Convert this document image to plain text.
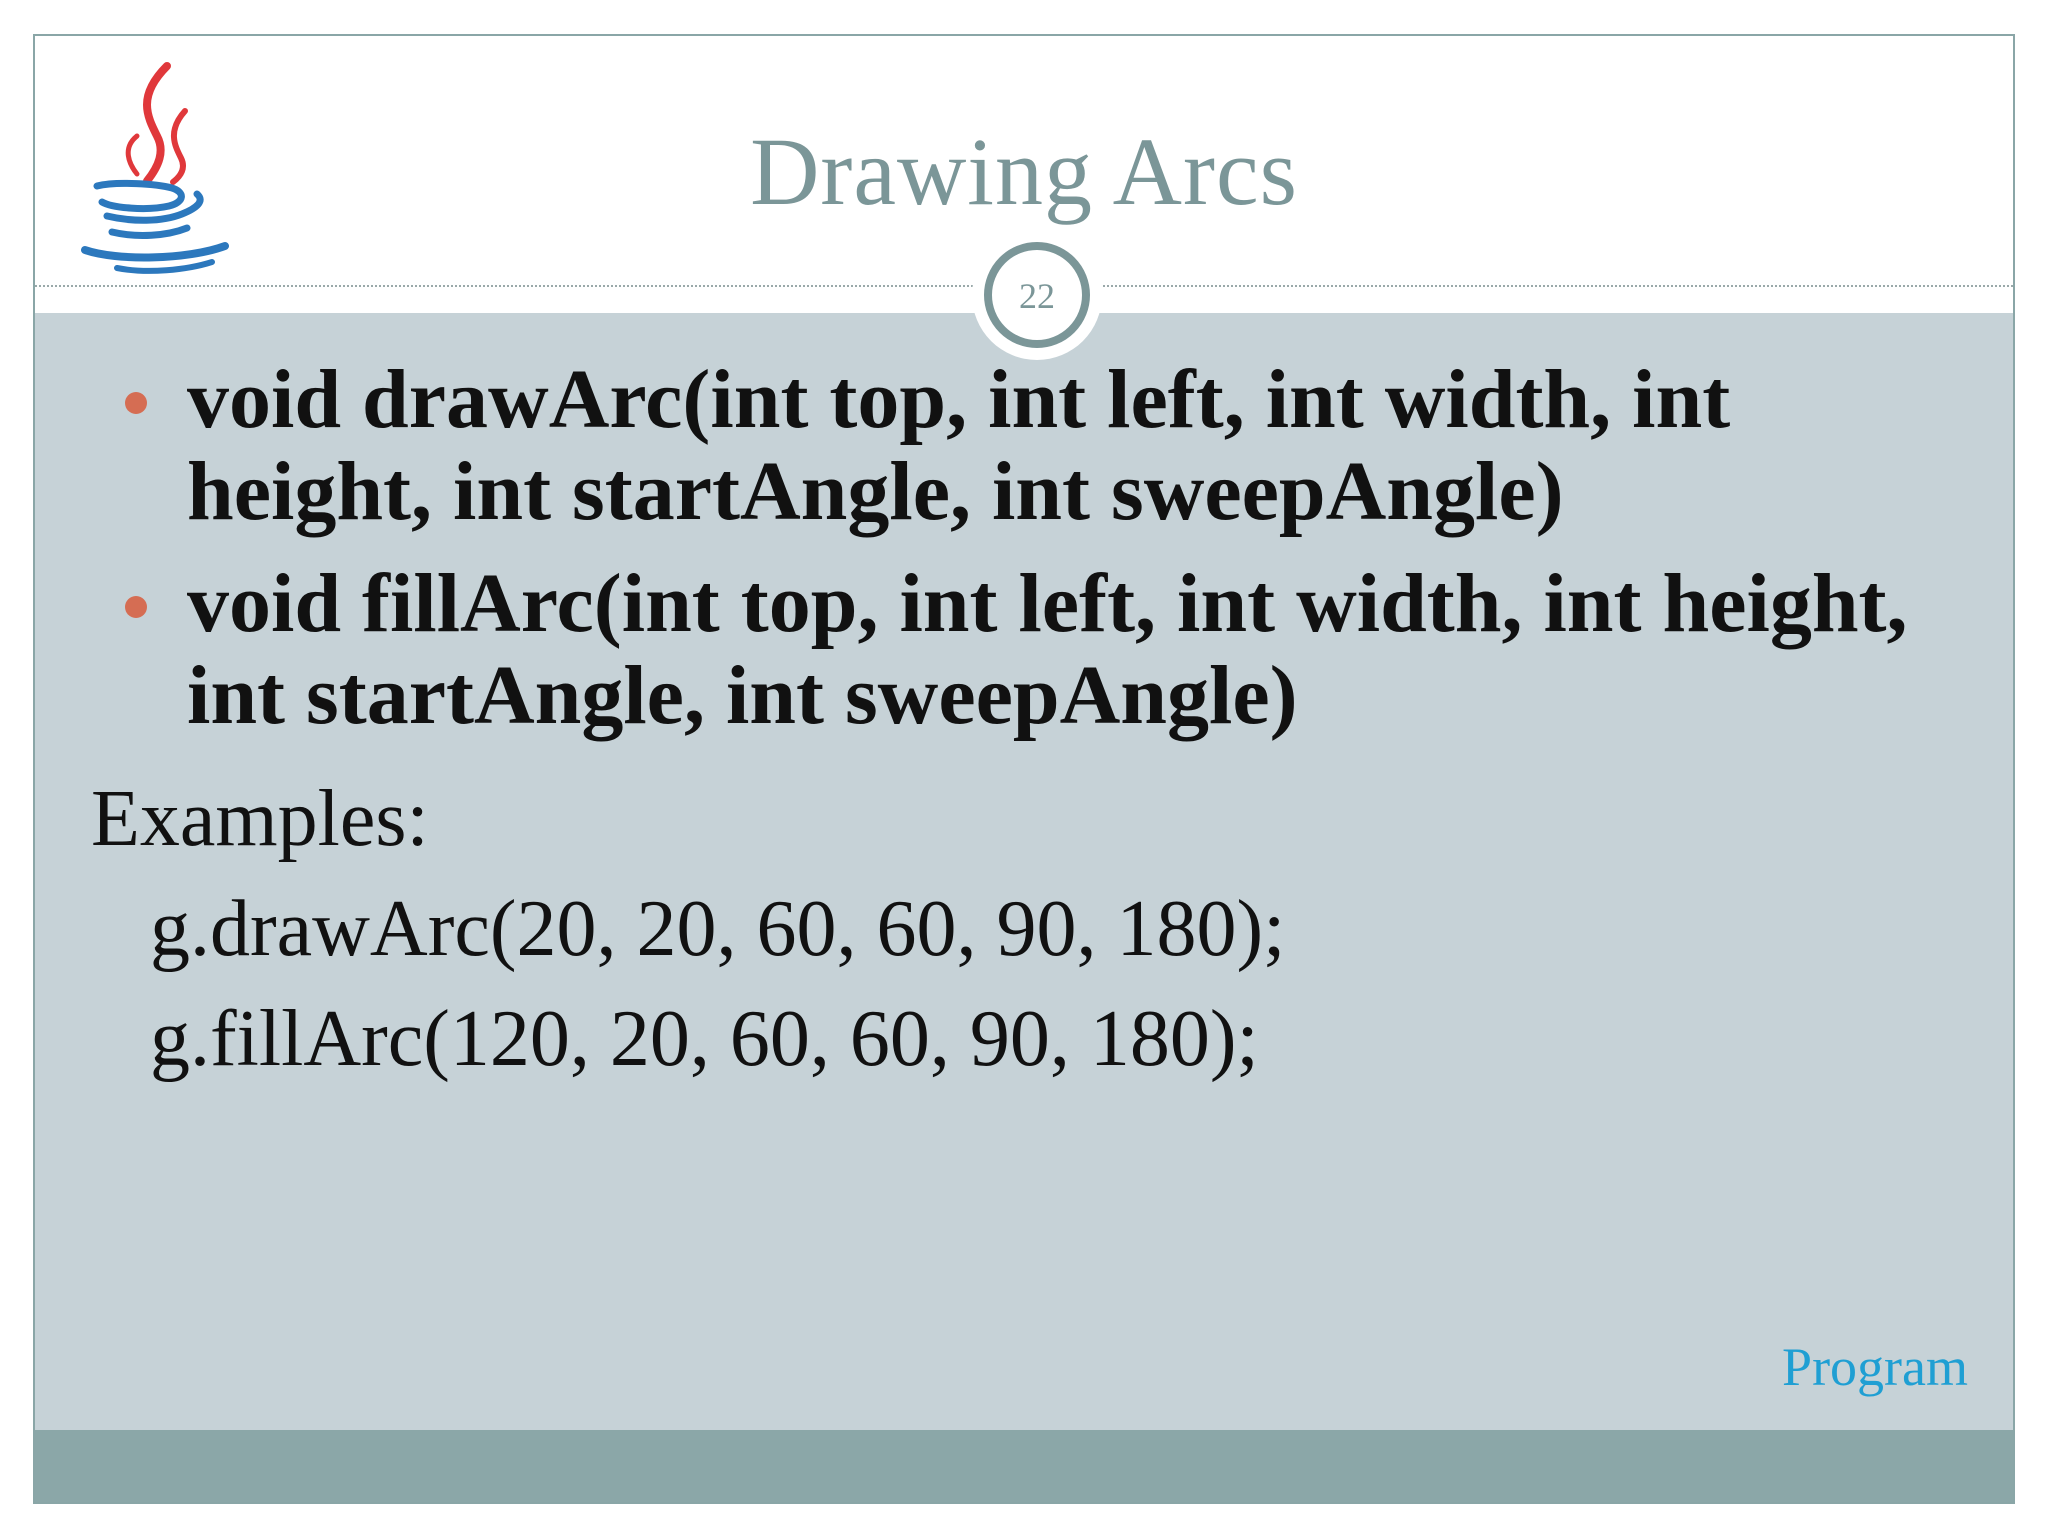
Drawing Arcs
22
void drawArc(int top, int left, int width, int height, int startAngle, int sweepAngle)
void fillArc(int top, int left, int width, int height, int startAngle, int sweepAngle)
Examples:
g.drawArc(20, 20, 60, 60, 90, 180);
g.fillArc(120, 20, 60, 60, 90, 180);
Program
